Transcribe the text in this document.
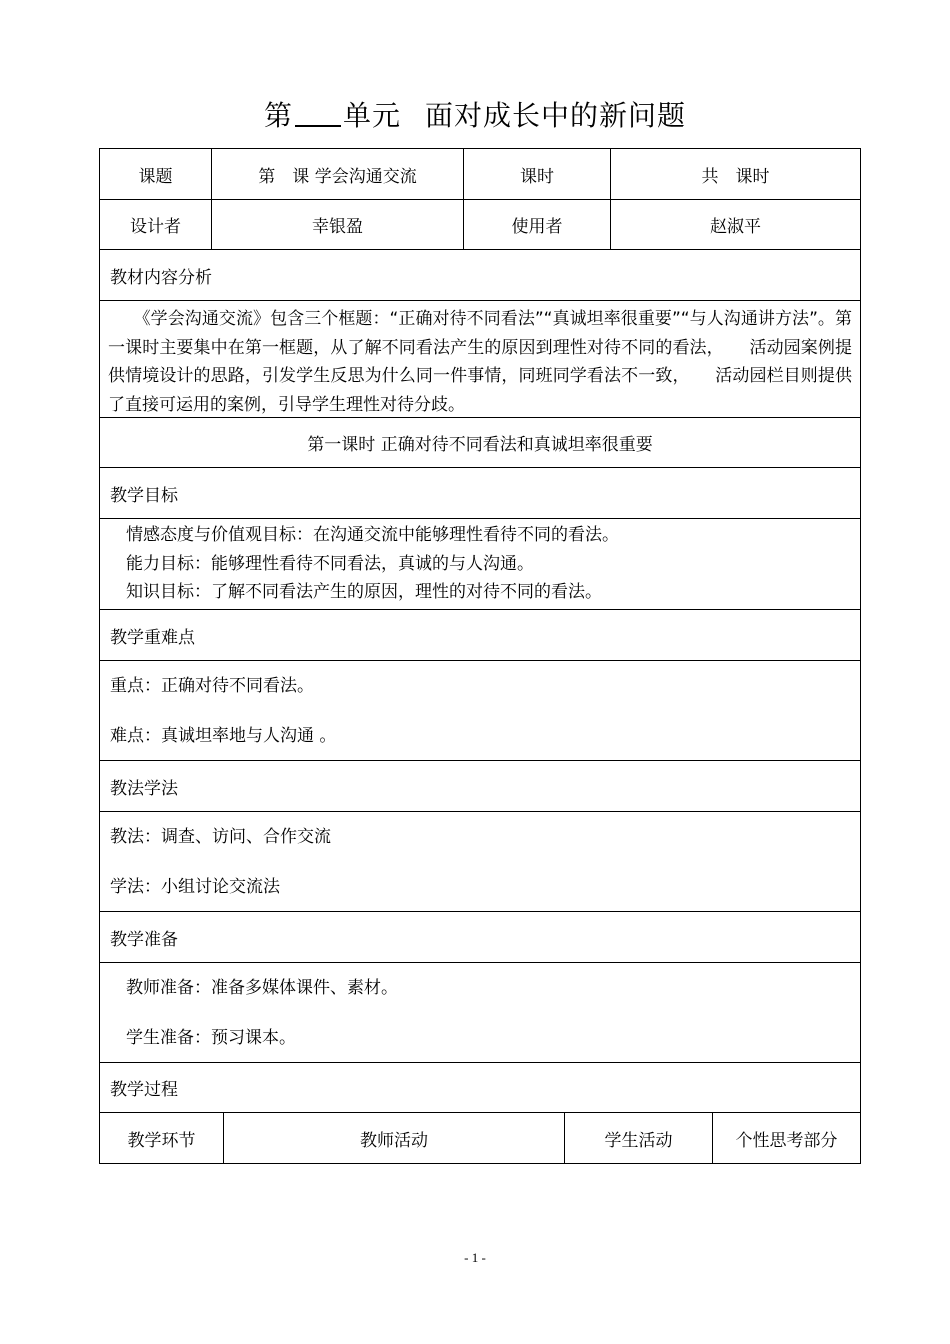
第 单元 面对成长中的新问题
课题	第　课 学会沟通交流	课时	共　课时
设计者	幸银盈	使用者	赵淑平
教材内容分析
　　《学会沟通交流》包含三个框题：“正确对待不同看法”“真诚坦率很重要”“与人沟通讲方法”。第一课时主要集中在第一框题，从了解不同看法产生的原因到理性对待不同的看法，　　活动园案例提供情境设计的思路，引发学生反思为什么同一件事情，同班同学看法不一致，　　活动园栏目则提供了直接可运用的案例，引导学生理性对待分歧。
第一课时 正确对待不同看法和真诚坦率很重要
教学目标
情感态度与价值观目标：在沟通交流中能够理性看待不同的看法。
能力目标：能够理性看待不同看法，真诚的与人沟通。
知识目标：了解不同看法产生的原因，理性的对待不同的看法。
教学重难点
重点：正确对待不同看法。
难点：真诚坦率地与人沟通 。
教法学法
教法：调查、访问、合作交流
学法：小组讨论交流法
教学准备
教师准备：准备多媒体课件、素材。
学生准备：预习课本。
教学过程
教学环节	教师活动	学生活动	个性思考部分
- 1 -
